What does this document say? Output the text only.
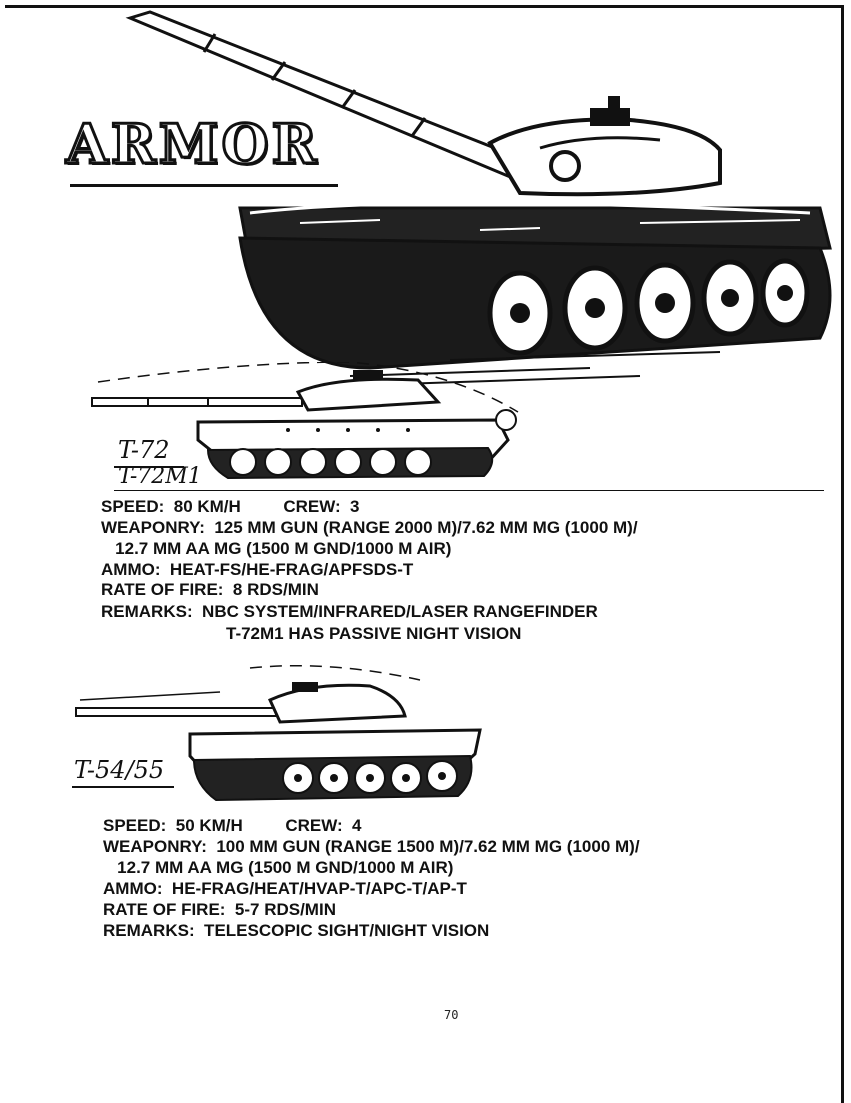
ARMOR
T-72
T-72M1
SPEED:  80 KM/H         CREW:  3
WEAPONRY:  125 MM GUN (RANGE 2000 M)/7.62 MM MG (1000 M)/
12.7 MM AA MG (1500 M GND/1000 M AIR)
AMMO:  HEAT-FS/HE-FRAG/APFSDS-T
RATE OF FIRE:  8 RDS/MIN
REMARKS:  NBC SYSTEM/INFRARED/LASER RANGEFINDER
T-72M1 HAS PASSIVE NIGHT VISION
T-54/55
SPEED:  50 KM/H         CREW:  4
WEAPONRY:  100 MM GUN (RANGE 1500 M)/7.62 MM MG (1000 M)/
12.7 MM AA MG (1500 M GND/1000 M AIR)
AMMO:  HE-FRAG/HEAT/HVAP-T/APC-T/AP-T
RATE OF FIRE:  5-7 RDS/MIN
REMARKS:  TELESCOPIC SIGHT/NIGHT VISION
70
